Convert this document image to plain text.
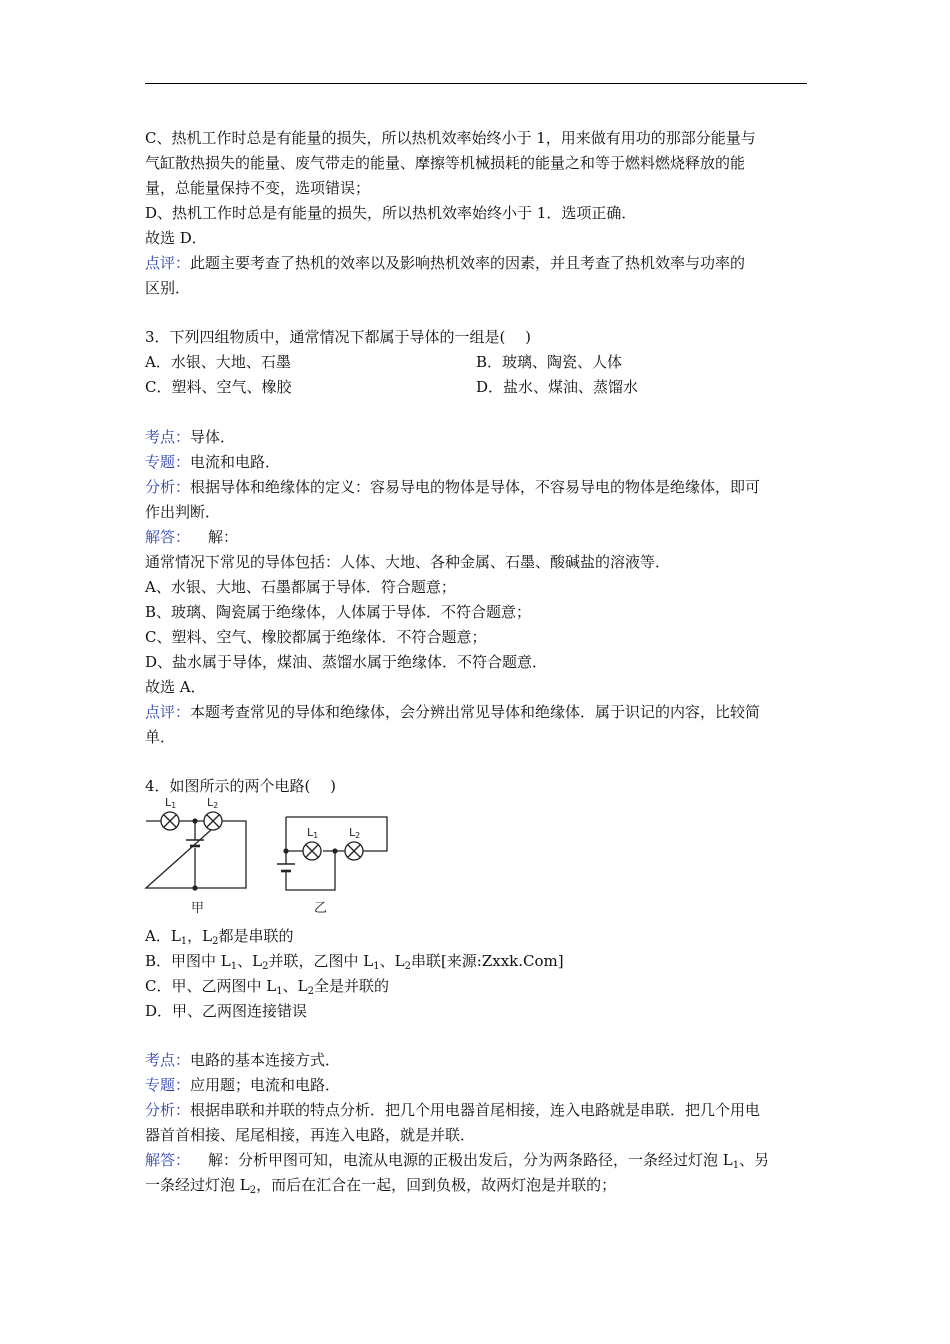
C、热机工作时总是有能量的损失，所以热机效率始终小于 1，用来做有用功的那部分能量与
气缸散热损失的能量、废气带走的能量、摩擦等机械损耗的能量之和等于燃料燃烧释放的能
量，总能量保持不变，选项错误；
D、热机工作时总是有能量的损失，所以热机效率始终小于 1．选项正确．
故选 D．
点评：此题主要考查了热机的效率以及影响热机效率的因素，并且考查了热机效率与功率的
区别．
3．下列四组物质中，通常情况下都属于导体的一组是(　 )
A．水银、大地、石墨	B．玻璃、陶瓷、人体
C．塑料、空气、橡胶	D．盐水、煤油、蒸馏水
考点：导体．
专题：电流和电路．
分析：根据导体和绝缘体的定义：容易导电的物体是导体，不容易导电的物体是绝缘体，即可
作出判断．
解答： 解：
通常情况下常见的导体包括：人体、大地、各种金属、石墨、酸碱盐的溶液等．
A、水银、大地、石墨都属于导体．符合题意；
B、玻璃、陶瓷属于绝缘体，人体属于导体．不符合题意；
C、塑料、空气、橡胶都属于绝缘体．不符合题意；
D、盐水属于导体，煤油、蒸馏水属于绝缘体．不符合题意．
故选 A．
点评：本题考查常见的导体和绝缘体，会分辨出常见导体和绝缘体．属于识记的内容，比较简
单．
4．如图所示的两个电路(　 )
L1	L2
L1	L2
甲	乙
A．$L_1$，$L_2$都是串联的
B．甲图中 $L_1$、$L_2$并联，乙图中 $L_1$、$L_2$串联[来源:Zxxk.Com]
C．甲、乙两图中 $L_1$、$L_2$全是并联的
D．甲、乙两图连接错误
考点：电路的基本连接方式．
专题：应用题；电流和电路．
分析：根据串联和并联的特点分析．把几个用电器首尾相接，连入电路就是串联．把几个用电
器首首相接、尾尾相接，再连入电路，就是并联．
解答： 解：分析甲图可知，电流从电源的正极出发后，分为两条路径，一条经过灯泡 $L_1$、另
一条经过灯泡 $L_2$，而后在汇合在一起，回到负极，故两灯泡是并联的；
